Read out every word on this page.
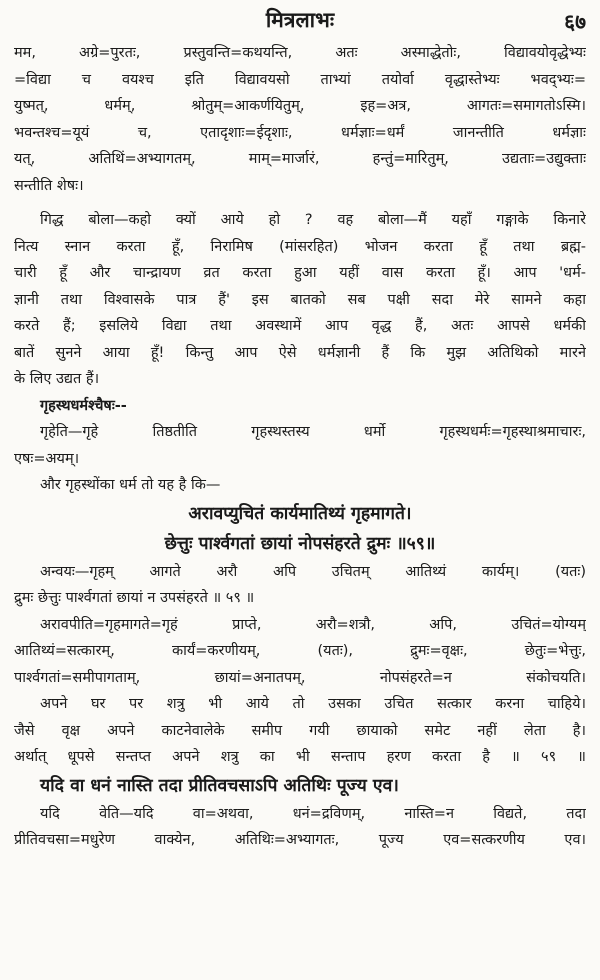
मित्रलाभः	६७
मम, अग्रे=पुरतः, प्रस्तुवन्ति=कथयन्ति, अतः अस्माद्धेतोः, विद्यावयोवृद्धेभ्यः
=विद्या च वयश्च इति विद्यावयसो ताभ्यां तयोर्वा वृद्धास्तेभ्यः भवद्भ्यः=
युष्मत्, धर्मम्, श्रोतुम्=आकर्णयितुम्, इह=अत्र, आगतः=समागतोऽस्मि।
भवन्तश्च=यूयं च, एतादृशाः=ईदृशाः, धर्मज्ञाः=धर्मं जानन्तीति धर्मज्ञाः
यत्, अतिथिं=अभ्यागतम्, माम्=मार्जारं, हन्तुं=मारितुम्, उद्यताः=उद्युक्ताः
सन्तीति शेषः।
गिद्ध बोला—कहो क्यों आये हो ? वह बोला—मैं यहाँ गङ्गाके किनारे
नित्य स्नान करता हूँ, निरामिष (मांसरहित) भोजन करता हूँ तथा ब्रह्म-
चारी हूँ और चान्द्रायण व्रत करता हुआ यहीं वास करता हूँ। आप 'धर्म-
ज्ञानी तथा विश्वासके पात्र हैं' इस बातको सब पक्षी सदा मेरे सामने कहा
करते हैं; इसलिये विद्या तथा अवस्थामें आप वृद्ध हैं, अतः आपसे धर्मकी
बातें सुनने आया हूँ! किन्तु आप ऐसे धर्मज्ञानी हैं कि मुझ अतिथिको मारने
के लिए उद्यत हैं।
गृहस्थधर्मश्चैषः--
गृहेति—गृहे तिष्ठतीति गृहस्थस्तस्य धर्मो गृहस्थधर्मः=गृहस्थाश्रमाचारः,
एषः=अयम्।
और गृहस्थोंका धर्म तो यह है कि—
अरावप्युचितं कार्यमातिथ्यं गृहमागते।
छेत्तुः पार्श्वगतां छायां नोपसंहरते द्रुमः ॥५९॥
अन्वयः—गृहम् आगते अरौ अपि उचितम् आतिथ्यं कार्यम्। (यतः)
द्रुमः छेत्तुः पार्श्वगतां छायां न उपसंहरते ॥ ५९ ॥
अरावपीति=गृहमागते=गृहं प्राप्ते, अरौ=शत्रौ, अपि, उचितं=योग्यम्
आतिथ्यं=सत्कारम्, कार्यं=करणीयम्, (यतः), द्रुमः=वृक्षः, छेतुः=भेत्तुः,
पार्श्वगतां=समीपागताम्, छायां=अनातपम्, नोपसंहरते=न संकोचयति।
अपने घर पर शत्रु भी आये तो उसका उचित सत्कार करना चाहिये।
जैसे वृक्ष अपने काटनेवालेके समीप गयी छायाको समेट नहीं लेता है।
अर्थात् धूपसे सन्तप्त अपने शत्रु का भी सन्ताप हरण करता है ॥ ५९ ॥
यदि वा धनं नास्ति तदा प्रीतिवचसाऽपि अतिथिः पूज्य एव।
यदि वेति—यदि वा=अथवा, धनं=द्रविणम्, नास्ति=न विद्यते, तदा
प्रीतिवचसा=मधुरेण वाक्येन, अतिथिः=अभ्यागतः, पूज्य एव=सत्करणीय एव।
